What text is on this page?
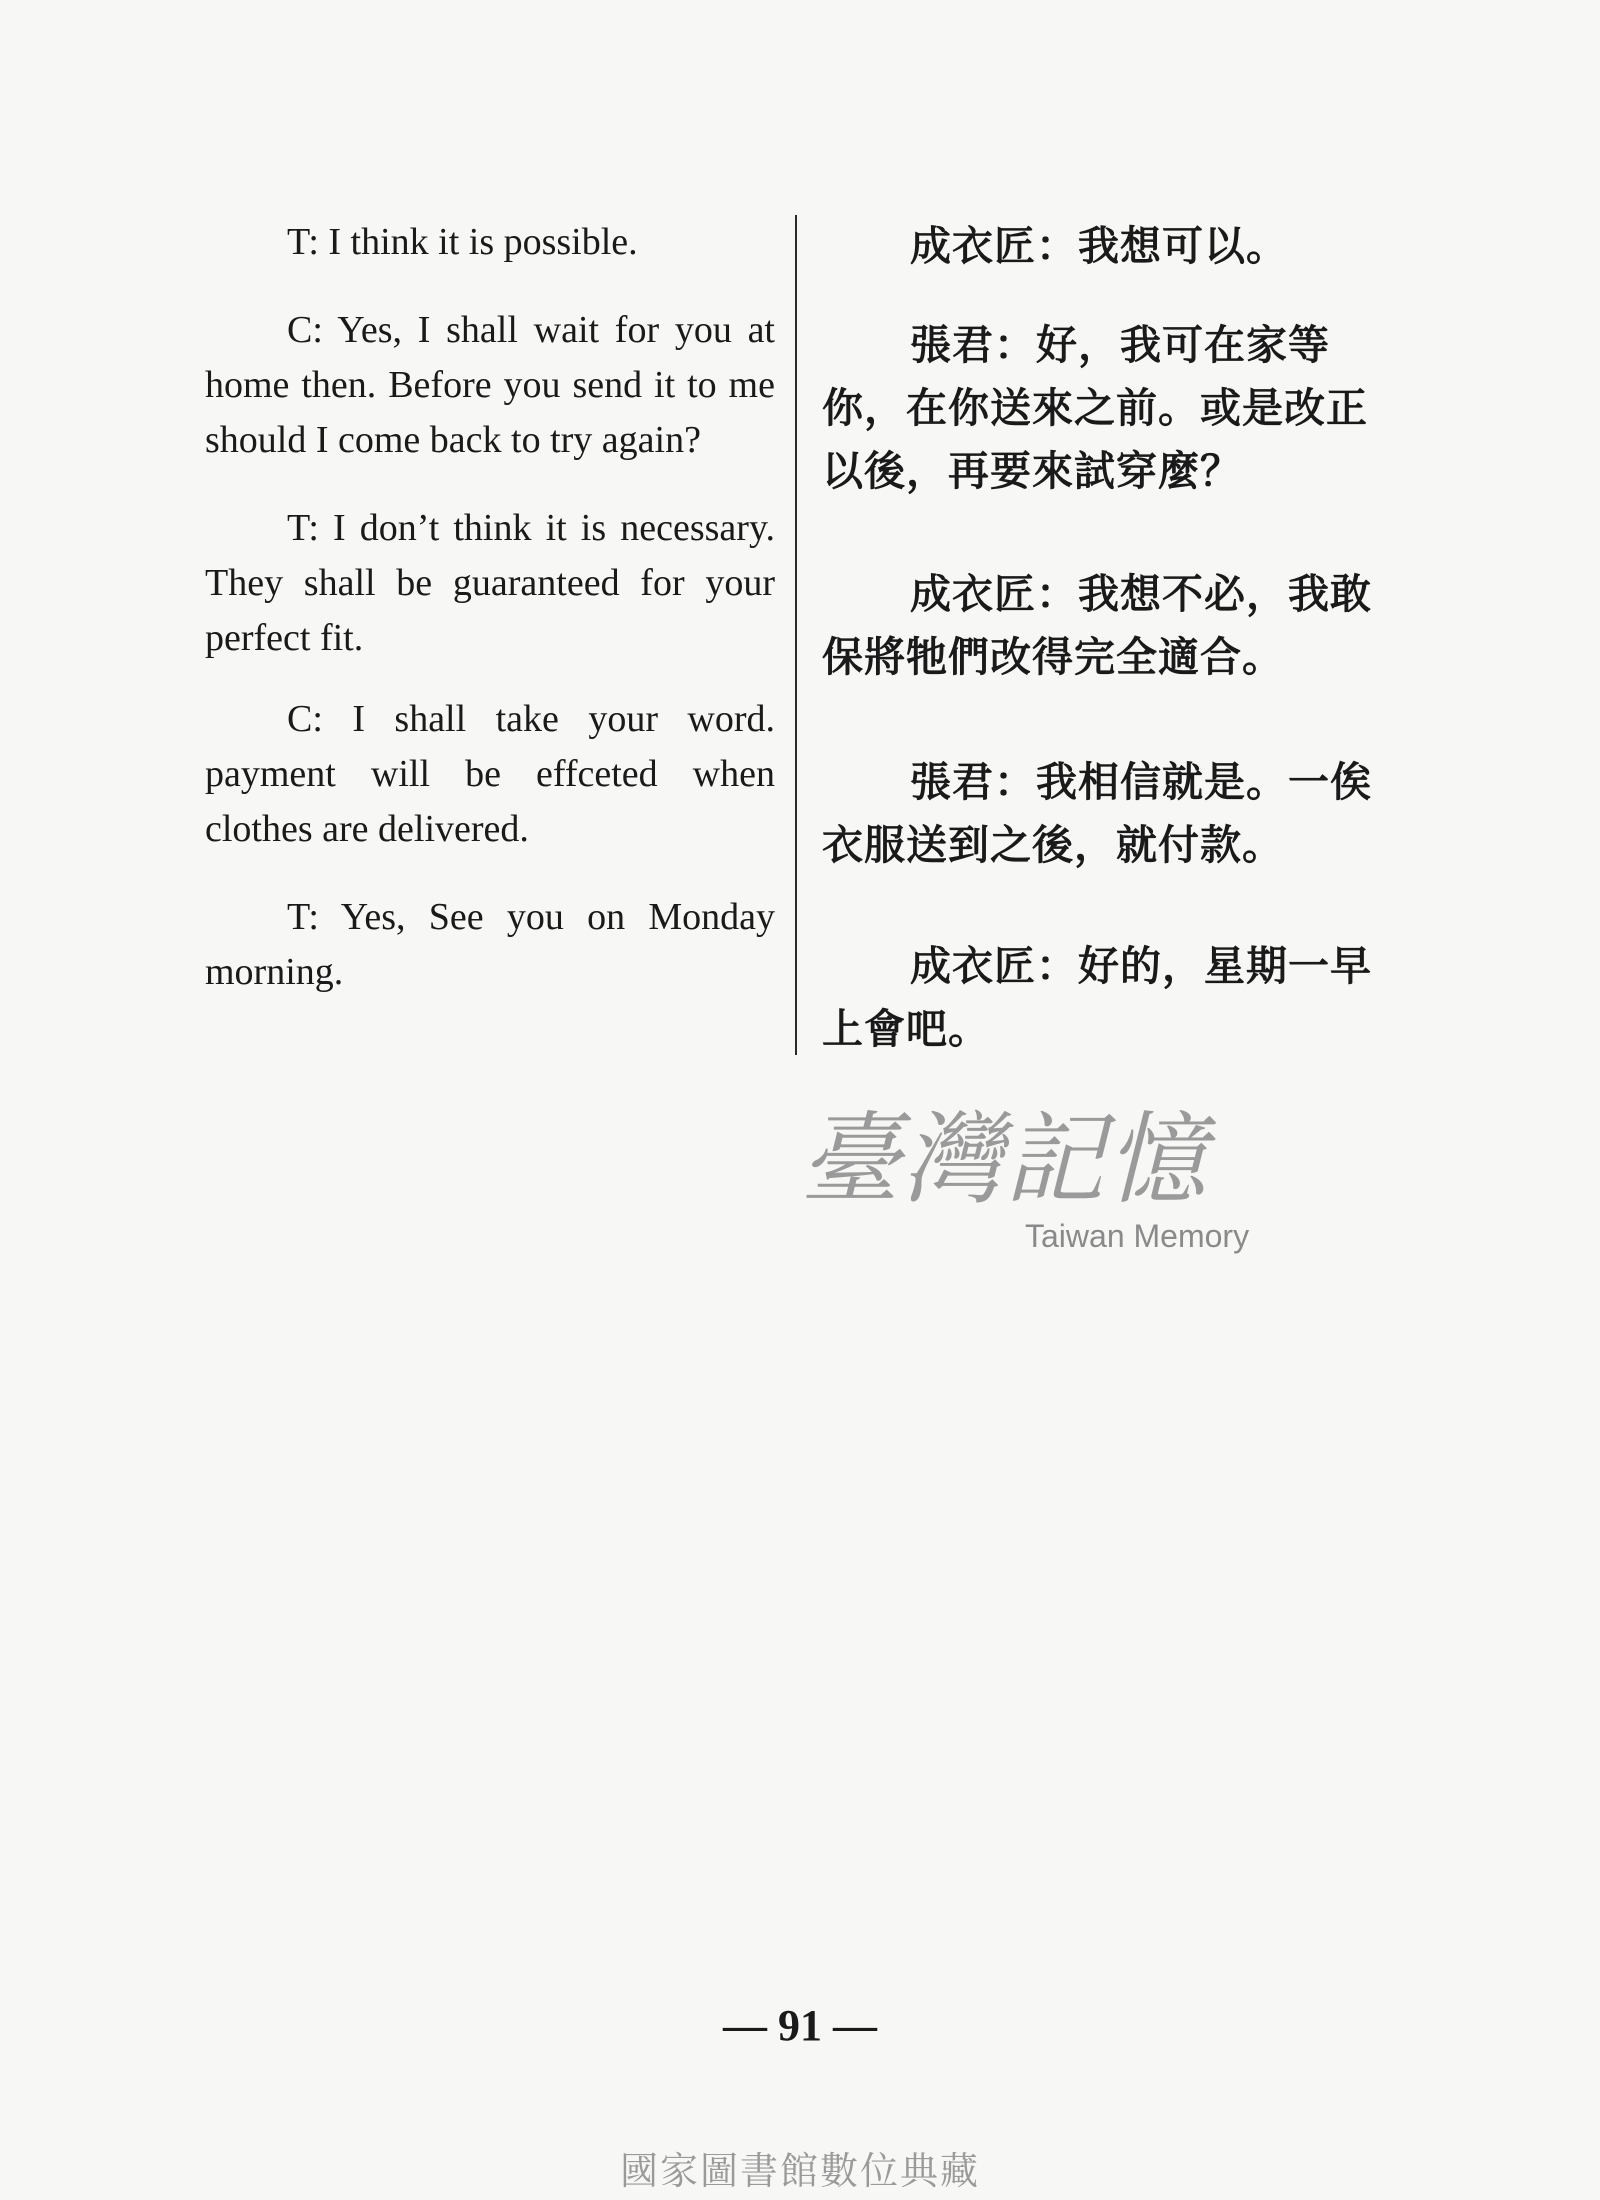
T: I think it is possible.

C: Yes, I shall wait for you at home then. Before you send it to me should I come back to try again?

T: I don’t think it is necessary. They shall be guaranteed for your perfect fit.

C: I shall take your word. payment will be effceted when clothes are delivered.

T: Yes, See you on Monday morning.

成衣匠：我想可以。

張君：好，我可在家等你，在你送來之前。或是改正以後，再要來試穿麼？

成衣匠：我想不必，我敢保將牠們改得完全適合。

張君：我相信就是。一俟衣服送到之後，就付款。

成衣匠：好的，星期一早上會吧。

臺灣記憶
Taiwan Memory
— 91 —
國家圖書館數位典藏
